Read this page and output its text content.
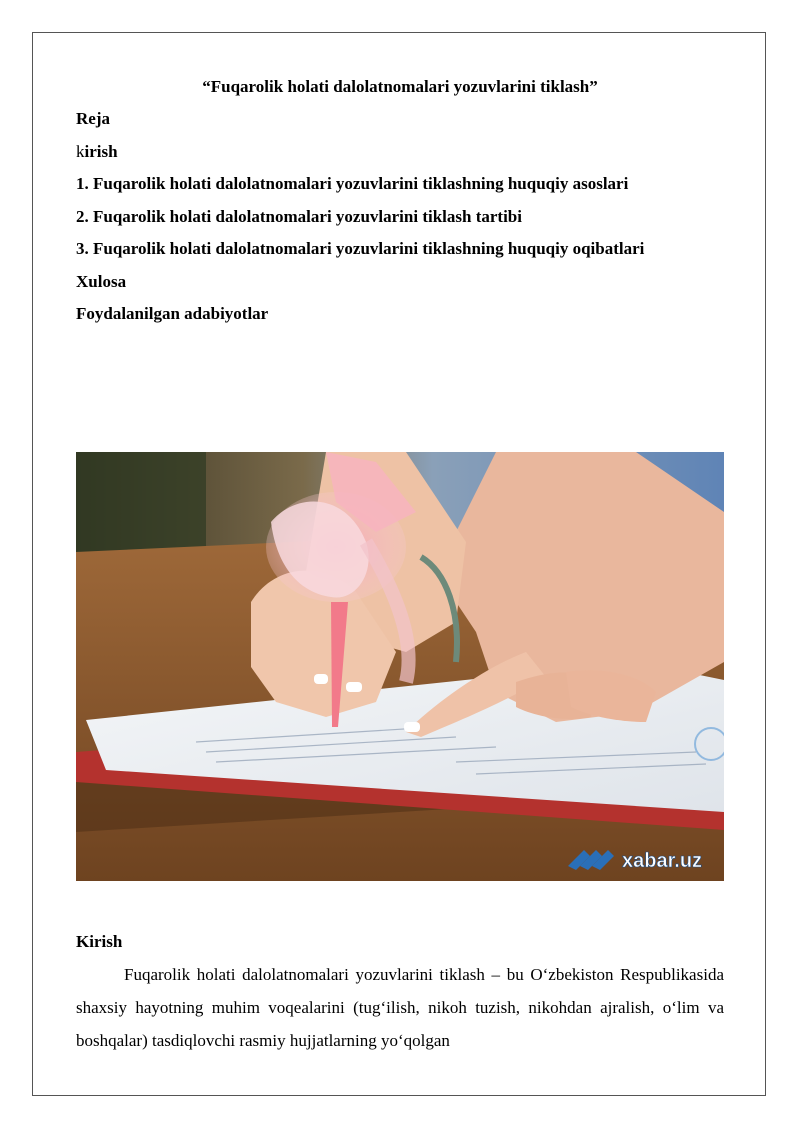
“Fuqarolik holati dalolatnomalari yozuvlarini tiklash”

Reja

kirish

1. Fuqarolik holati dalolatnomalari yozuvlarini tiklashning huquqiy asoslari

2. Fuqarolik holati dalolatnomalari yozuvlarini tiklash tartibi

3. Fuqarolik holati dalolatnomalari yozuvlarini tiklashning huquqiy oqibatlari

Xulosa

Foydalanilgan adabiyotlar

xabar.uz

Kirish

Fuqarolik holati dalolatnomalari yozuvlarini tiklash – bu O‘zbekiston Respublikasida shaxsiy hayotning muhim voqealarini (tug‘ilish, nikoh tuzish, nikohdan ajralish, o‘lim va boshqalar) tasdiqlovchi rasmiy hujjatlarning yo‘qolgan
